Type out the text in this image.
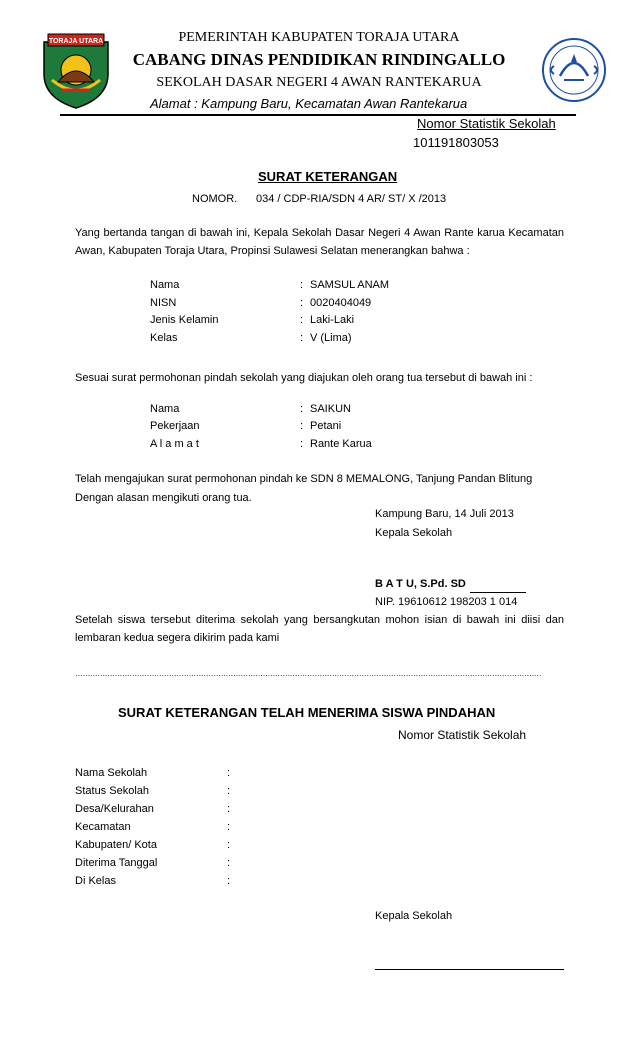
TORAJA UTARA	PEMERINTAH KABUPATEN TORAJA UTARA
CABANG DINAS PENDIDIKAN RINDINGALLO
SEKOLAH DASAR NEGERI 4 AWAN RANTEKARUA
Alamat : Kampung Baru, Kecamatan Awan Rantekarua
Nomor Statistik Sekolah
101191803053
SURAT KETERANGAN
NOMOR. 034 / CDP-RIA/SDN 4 AR/ ST/ X /2013
Yang bertanda tangan di bawah ini, Kepala Sekolah Dasar Negeri 4 Awan Rante karua Kecamatan Awan, Kabupaten Toraja Utara, Propinsi Sulawesi Selatan menerangkan bahwa :
Nama	: SAMSUL ANAM
NISN	: 0020404049
Jenis Kelamin	: Laki-Laki
Kelas	: V (Lima)
Sesuai surat permohonan pindah sekolah yang diajukan oleh orang tua tersebut di bawah ini :
Nama	: SAIKUN
Pekerjaan	: Petani
A l a m a t	: Rante Karua
Telah mengajukan surat permohonan pindah ke SDN 8 MEMALONG, Tanjung Pandan Blitung
Dengan alasan mengikuti orang tua.
Kampung Baru, 14 Juli 2013
Kepala Sekolah
B A T U, S.Pd. SD
NIP. 19610612 198203 1 014
Setelah siswa tersebut diterima sekolah yang bersangkutan mohon isian di bawah ini diisi dan lembaran kedua segera dikirim pada kami
………………………………………………………………………………………………………………………………………………………………………
SURAT KETERANGAN TELAH MENERIMA SISWA PINDAHAN
Nomor Statistik Sekolah
Nama Sekolah	:
Status Sekolah	:
Desa/Kelurahan	:
Kecamatan	:
Kabupaten/ Kota	:
Diterima Tanggal	:
Di Kelas	:
Kepala Sekolah
